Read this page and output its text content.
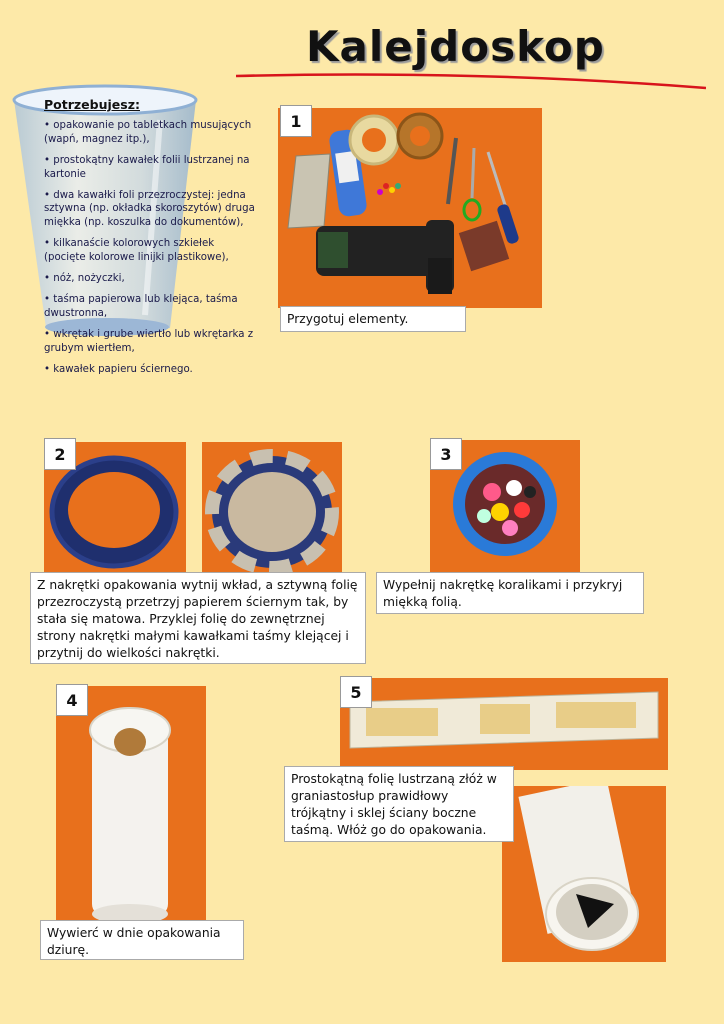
Kalejdoskop
Potrzebujesz:
• opakowanie po tabletkach musujących (wapń, magnez itp.),
• prostokątny kawałek folii lustrzanej na kartonie
• dwa kawałki foli przezroczystej: jedna sztywna (np. okładka skoroszytów) druga miękka (np. koszulka do dokumentów),
• kilkanaście kolorowych szkiełek (pocięte kolorowe linijki plastikowe),
• nóż, nożyczki,
• taśma papierowa lub klejąca, taśma dwustronna,
• wkrętak i grube wiertło lub wkrętarka z grubym wiertłem,
• kawałek papieru ściernego.
1
Przygotuj elementy.
2
Z nakrętki opakowania wytnij wkład, a sztywną folię przezroczystą przetrzyj papierem ściernym tak, by stała się matowa. Przyklej folię do zewnętrznej strony nakrętki małymi kawałkami taśmy klejącej i przytnij do wielkości nakrętki.
3
Wypełnij nakrętkę koralikami i przykryj miękką folią.
4
Wywierć w dnie opakowania dziurę.
5
Prostokątną folię lustrzaną złóż w graniastosłup prawidłowy trójkątny i sklej ściany boczne taśmą. Włóż go do opakowania.
